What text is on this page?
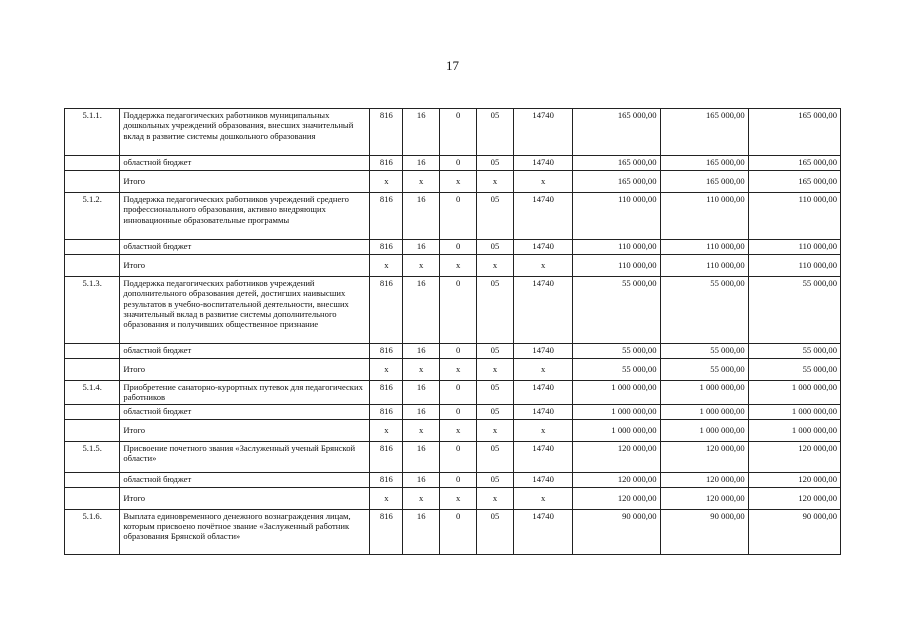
17
5.1.1.	Поддержка педагогических работников муниципальных дошкольных учреждений образования, внесших значительный вклад в развитие системы дошкольного образования	816	16	0	05	14740	165 000,00	165 000,00	165 000,00
	областной бюджет	816	16	0	05	14740	165 000,00	165 000,00	165 000,00
	Итого	x	x	x	x	x	165 000,00	165 000,00	165 000,00
5.1.2.	Поддержка педагогических работников учреждений среднего профессионального образования, активно внедряющих инновационные образовательные программы	816	16	0	05	14740	110 000,00	110 000,00	110 000,00
	областной бюджет	816	16	0	05	14740	110 000,00	110 000,00	110 000,00
	Итого	x	x	x	x	x	110 000,00	110 000,00	110 000,00
5.1.3.	Поддержка педагогических работников учреждений дополнительного образования детей, достигших наивысших результатов в учебно-воспитательной деятельности, внесших значительный вклад в развитие системы дополнительного образования и получивших общественное признание	816	16	0	05	14740	55 000,00	55 000,00	55 000,00
	областной бюджет	816	16	0	05	14740	55 000,00	55 000,00	55 000,00
	Итого	x	x	x	x	x	55 000,00	55 000,00	55 000,00
5.1.4.	Приобретение санаторно-курортных путевок для педагогических работников	816	16	0	05	14740	1 000 000,00	1 000 000,00	1 000 000,00
	областной бюджет	816	16	0	05	14740	1 000 000,00	1 000 000,00	1 000 000,00
	Итого	x	x	x	x	x	1 000 000,00	1 000 000,00	1 000 000,00
5.1.5.	Присвоение почетного звания «Заслуженный ученый Брянской области»	816	16	0	05	14740	120 000,00	120 000,00	120 000,00
	областной бюджет	816	16	0	05	14740	120 000,00	120 000,00	120 000,00
	Итого	x	x	x	x	x	120 000,00	120 000,00	120 000,00
5.1.6.	Выплата единовременного денежного вознаграждения лицам, которым присвоено почётное звание «Заслуженный работник образования Брянской области»	816	16	0	05	14740	90 000,00	90 000,00	90 000,00
